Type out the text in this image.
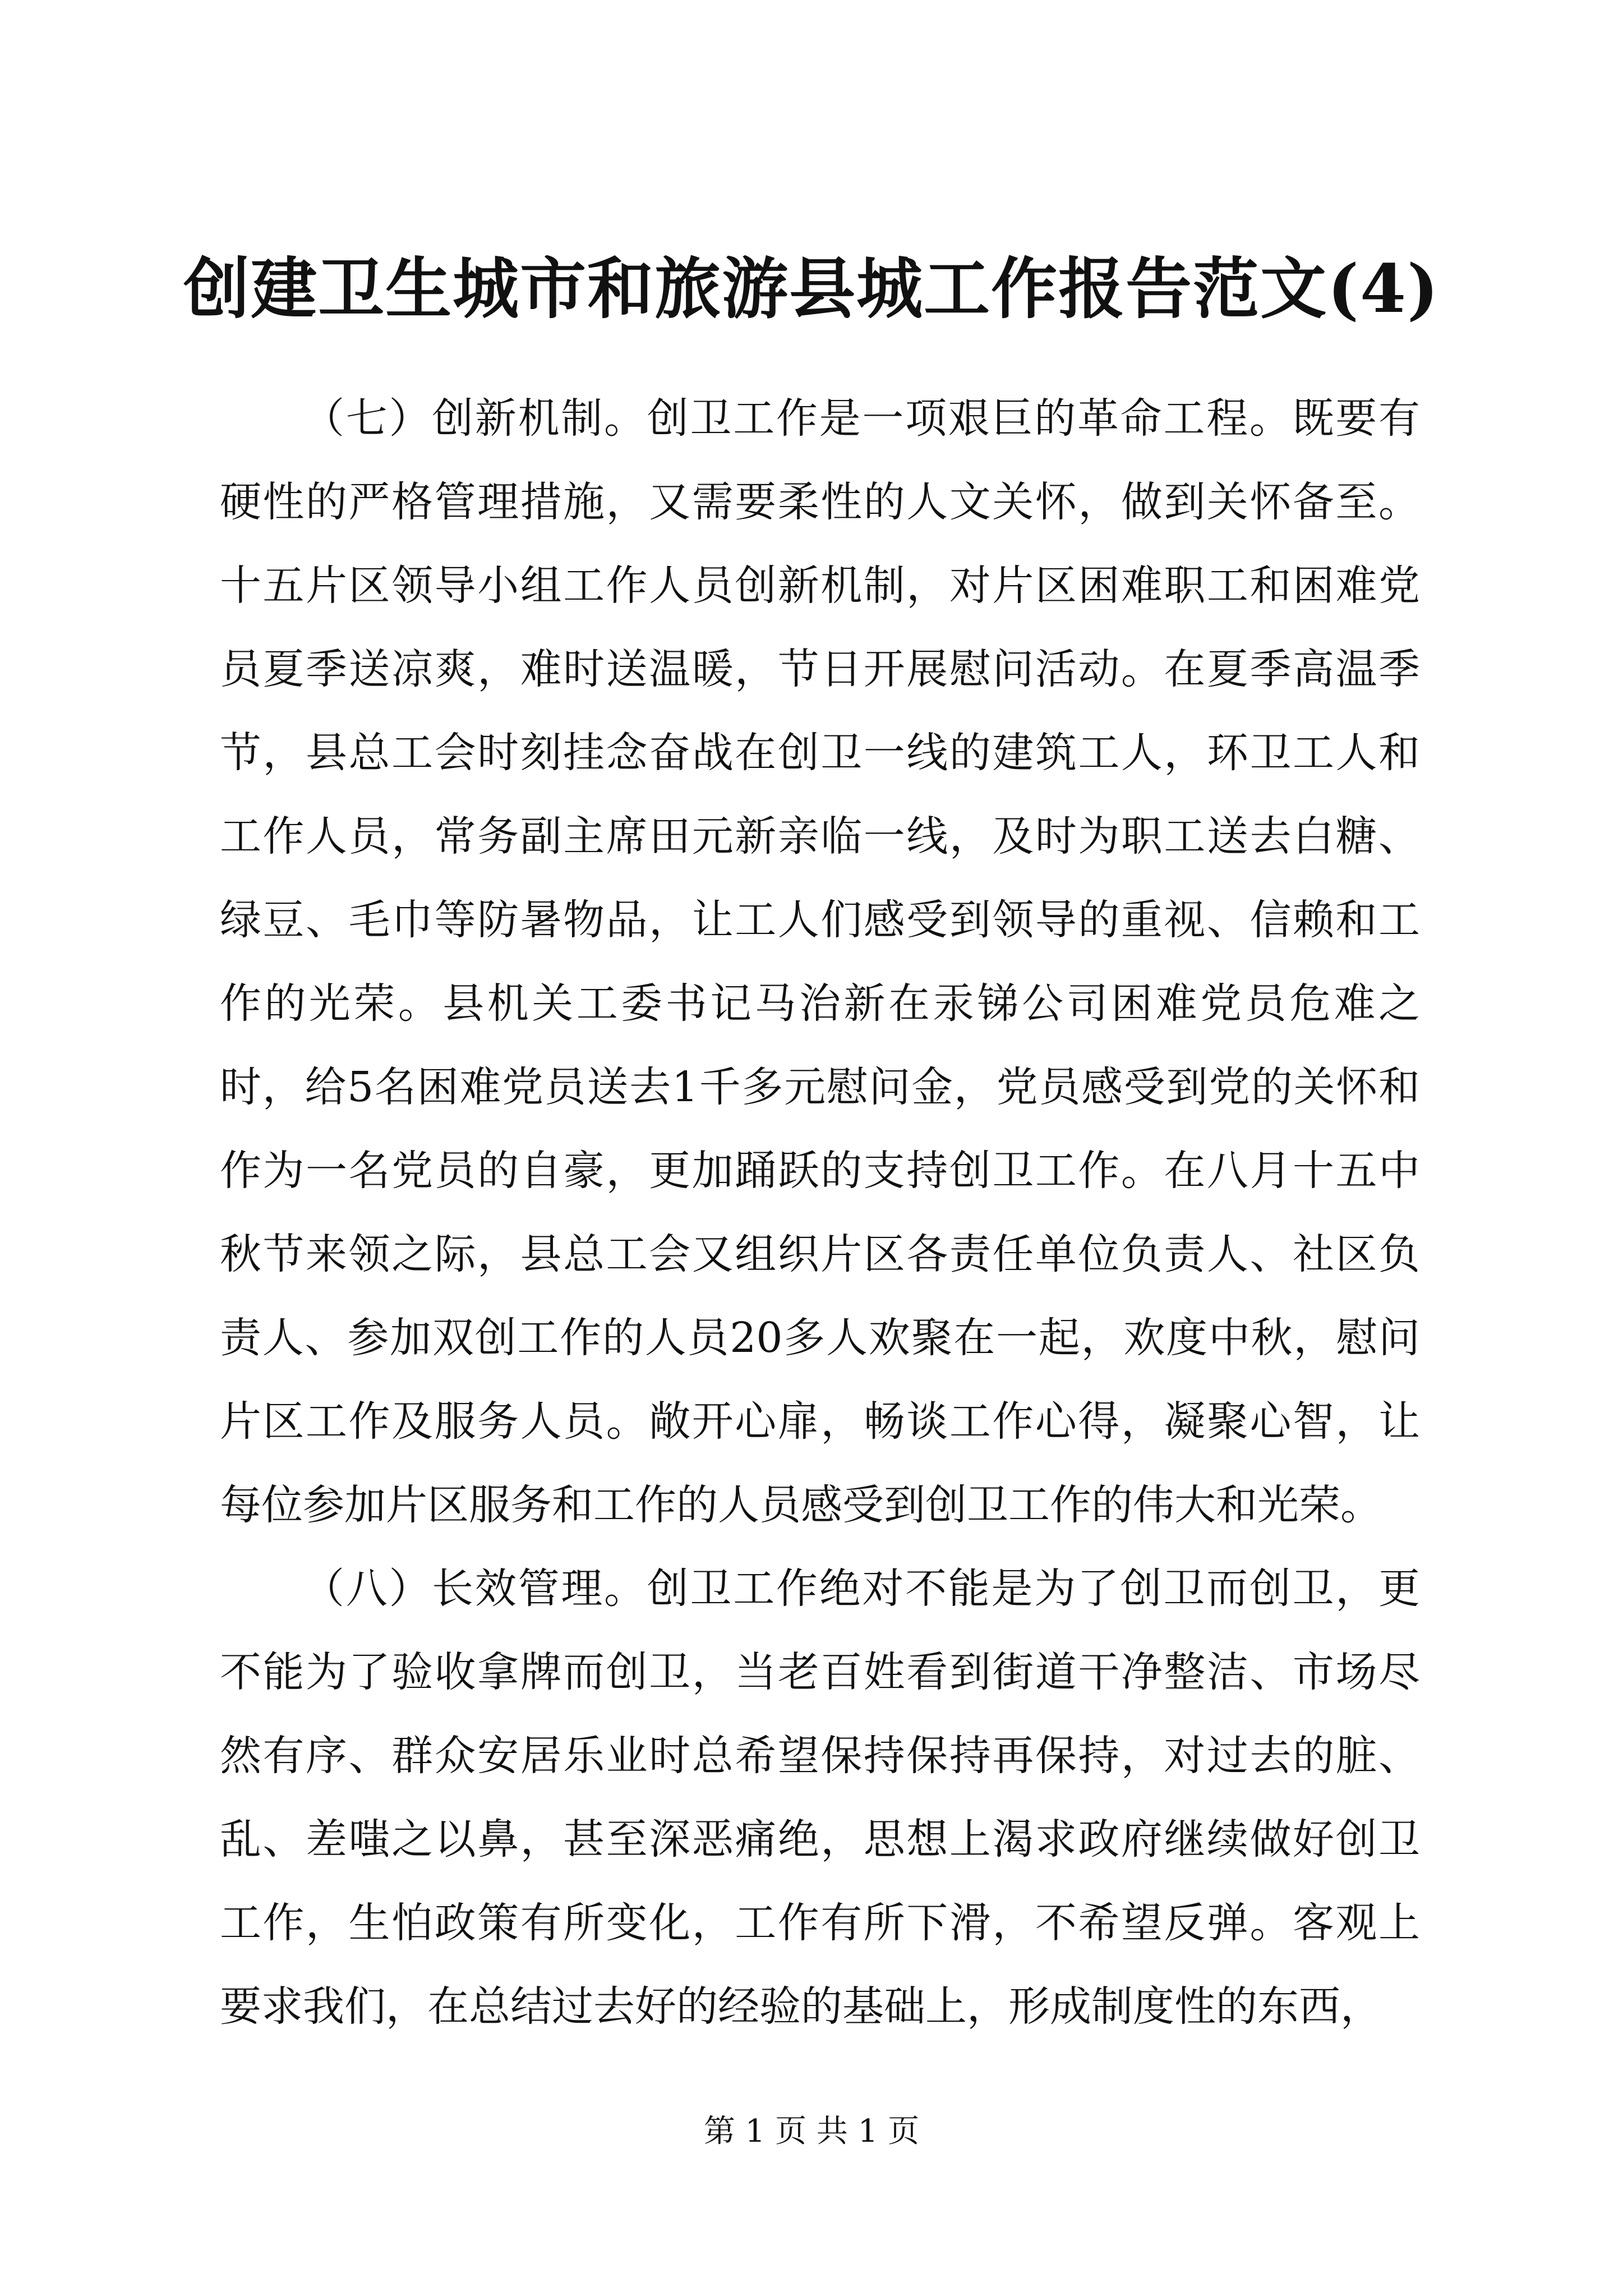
创建卫生城市和旅游县城工作报告范文(4)

（七）创新机制。创卫工作是一项艰巨的革命工程。既要有硬性的严格管理措施，又需要柔性的人文关怀，做到关怀备至。十五片区领导小组工作人员创新机制，对片区困难职工和困难党员夏季送凉爽，难时送温暖，节日开展慰问活动。在夏季高温季节，县总工会时刻挂念奋战在创卫一线的建筑工人，环卫工人和工作人员，常务副主席田元新亲临一线，及时为职工送去白糖、绿豆、毛巾等防暑物品，让工人们感受到领导的重视、信赖和工作的光荣。县机关工委书记马治新在汞锑公司困难党员危难之时，给5名困难党员送去1千多元慰问金，党员感受到党的关怀和作为一名党员的自豪，更加踊跃的支持创卫工作。在八月十五中秋节来领之际，县总工会又组织片区各责任单位负责人、社区负责人、参加双创工作的人员20多人欢聚在一起，欢度中秋，慰问片区工作及服务人员。敞开心扉，畅谈工作心得，凝聚心智，让每位参加片区服务和工作的人员感受到创卫工作的伟大和光荣。

（八）长效管理。创卫工作绝对不能是为了创卫而创卫，更不能为了验收拿牌而创卫，当老百姓看到街道干净整洁、市场尽然有序、群众安居乐业时总希望保持保持再保持，对过去的脏、乱、差嗤之以鼻，甚至深恶痛绝，思想上渴求政府继续做好创卫工作，生怕政策有所变化，工作有所下滑，不希望反弹。客观上要求我们，在总结过去好的经验的基础上，形成制度性的东西，

第 1 页 共 1 页
